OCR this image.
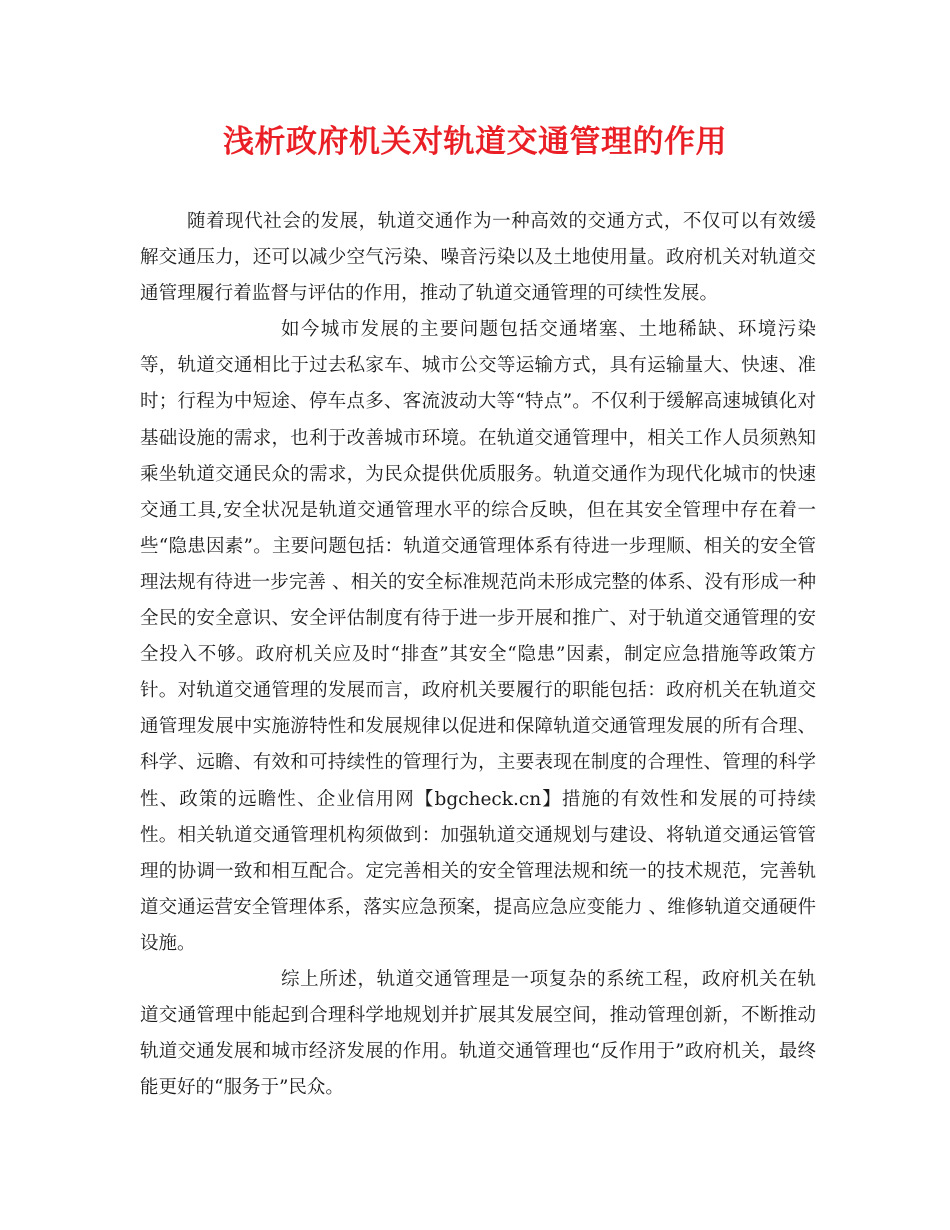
浅析政府机关对轨道交通管理的作用

随着现代社会的发展，轨道交通作为一种高效的交通方式，不仅可以有效缓解交通压力，还可以减少空气污染、噪音污染以及土地使用量。政府机关对轨道交通管理履行着监督与评估的作用，推动了轨道交通管理的可续性发展。

如今城市发展的主要问题包括交通堵塞、土地稀缺、环境污染等，轨道交通相比于过去私家车、城市公交等运输方式，具有运输量大、快速、准时；行程为中短途、停车点多、客流波动大等“特点”。不仅利于缓解高速城镇化对基础设施的需求，也利于改善城市环境。在轨道交通管理中，相关工作人员须熟知乘坐轨道交通民众的需求，为民众提供优质服务。轨道交通作为现代化城市的快速交通工具,安全状况是轨道交通管理水平的综合反映，但在其安全管理中存在着一些“隐患因素”。主要问题包括：轨道交通管理体系有待进一步理顺、相关的安全管理法规有待进一步完善 、相关的安全标准规范尚未形成完整的体系、没有形成一种全民的安全意识、安全评估制度有待于进一步开展和推广、对于轨道交通管理的安全投入不够。政府机关应及时“排查”其安全“隐患”因素，制定应急措施等政策方针。对轨道交通管理的发展而言，政府机关要履行的职能包括：政府机关在轨道交通管理发展中实施游特性和发展规律以促进和保障轨道交通管理发展的所有合理、科学、远瞻、有效和可持续性的管理行为，主要表现在制度的合理性、管理的科学性、政策的远瞻性、企业信用网【bgcheck.cn】措施的有效性和发展的可持续性。相关轨道交通管理机构须做到：加强轨道交通规划与建设、将轨道交通运管管理的协调一致和相互配合。定完善相关的安全管理法规和统一的技术规范，完善轨道交通运营安全管理体系，落实应急预案，提高应急应变能力 、维修轨道交通硬件设施。

综上所述，轨道交通管理是一项复杂的系统工程，政府机关在轨道交通管理中能起到合理科学地规划并扩展其发展空间，推动管理创新，不断推动轨道交通发展和城市经济发展的作用。轨道交通管理也“反作用于”政府机关，最终能更好的“服务于”民众。
